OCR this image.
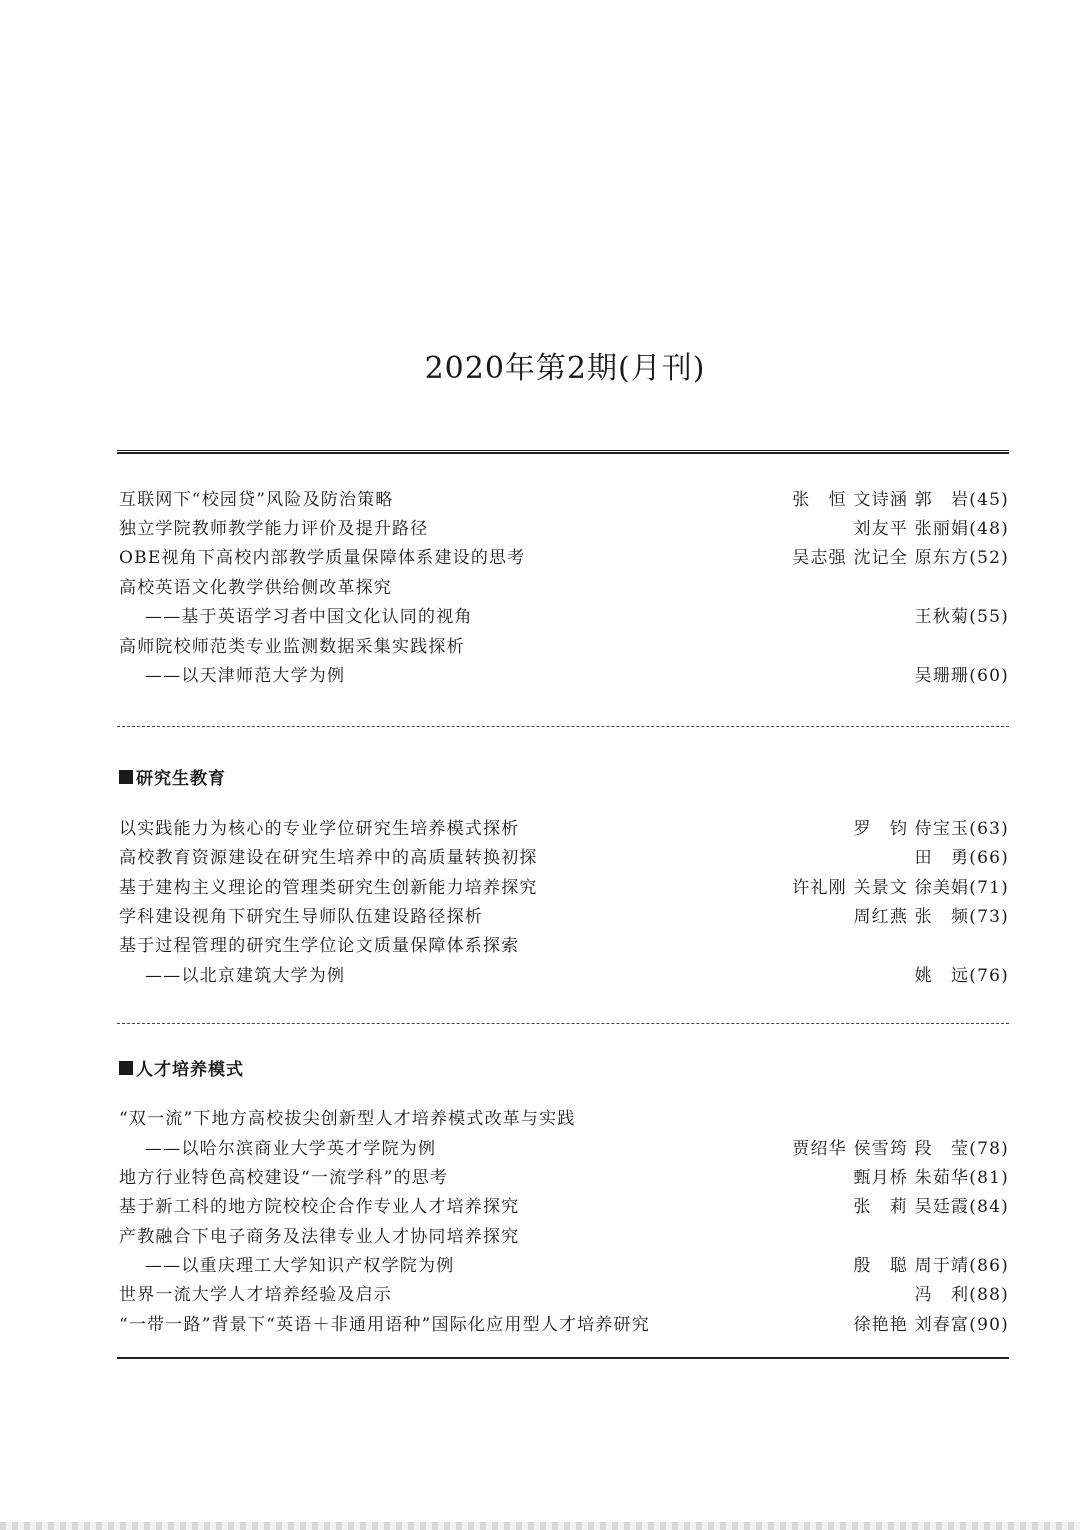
2020年第2期(月刊)
互联网下“校园贷”风险及防治策略	张　恒 文诗涵 郭　岩 ( 45 )
独立学院教师教学能力评价及提升路径	刘友平 张丽娟 ( 48 )
OBE视角下高校内部教学质量保障体系建设的思考	吴志强 沈记全 原东方 ( 52 )
高校英语文化教学供给侧改革探究
——基于英语学习者中国文化认同的视角	王秋菊 ( 55 )
高师院校师范类专业监测数据采集实践探析
——以天津师范大学为例	吴珊珊 ( 60 )
研究生教育
以实践能力为核心的专业学位研究生培养模式探析	罗　钧 侍宝玉 ( 63 )
高校教育资源建设在研究生培养中的高质量转换初探	田　勇 ( 66 )
基于建构主义理论的管理类研究生创新能力培养探究	许礼刚 关景文 徐美娟 ( 71 )
学科建设视角下研究生导师队伍建设路径探析	周红燕 张　频 ( 73 )
基于过程管理的研究生学位论文质量保障体系探索
——以北京建筑大学为例	姚　远 ( 76 )
人才培养模式
“双一流”下地方高校拔尖创新型人才培养模式改革与实践
——以哈尔滨商业大学英才学院为例	贾绍华 侯雪筠 段　莹 ( 78 )
地方行业特色高校建设“一流学科”的思考	甄月桥 朱茹华 ( 81 )
基于新工科的地方院校校企合作专业人才培养探究	张　莉 吴廷霞 ( 84 )
产教融合下电子商务及法律专业人才协同培养探究
——以重庆理工大学知识产权学院为例	殷　聪 周于靖 ( 86 )
世界一流大学人才培养经验及启示	冯　利 ( 88 )
“一带一路”背景下“英语＋非通用语种”国际化应用型人才培养研究	徐艳艳 刘春富 ( 90 )
